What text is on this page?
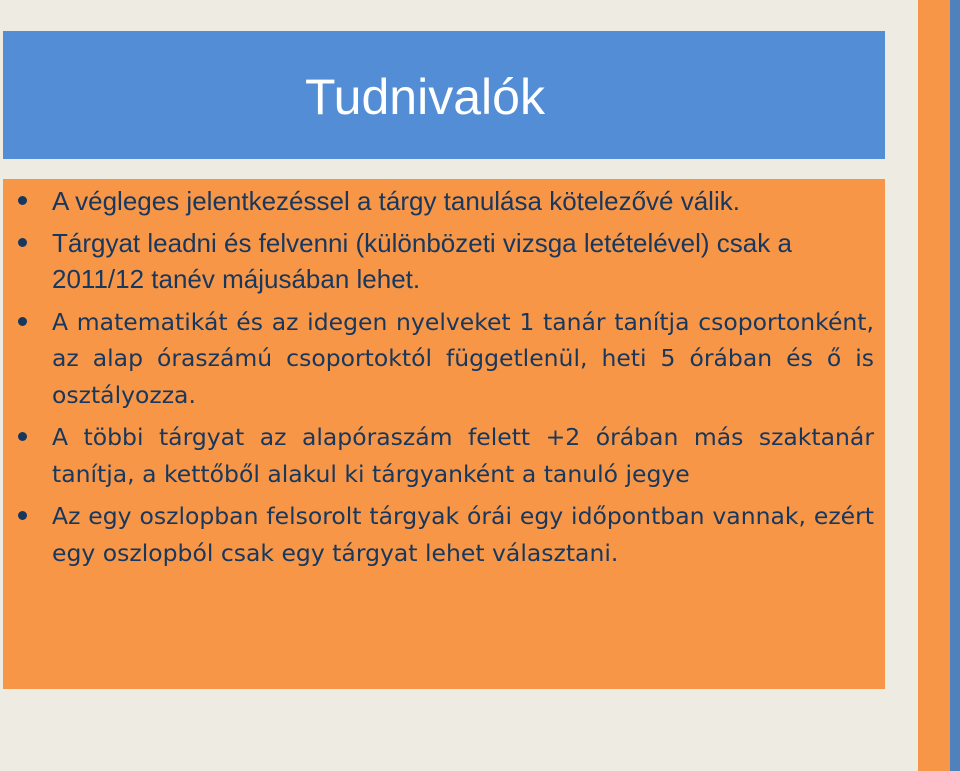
Tudnivalók
A végleges jelentkezéssel a tárgy tanulása kötelezővé válik.
Tárgyat leadni és felvenni (különbözeti vizsga letételével) csak a 2011/12 tanév májusában lehet.
A matematikát és az idegen nyelveket 1 tanár tanítja csoportonként, az alap óraszámú csoportoktól függetlenül, heti 5 órában és ő is osztályozza.
A többi tárgyat az alapóraszám felett +2 órában más szaktanár tanítja, a kettőből alakul ki tárgyanként a tanuló jegye
Az egy oszlopban felsorolt tárgyak órái egy időpontban vannak, ezért egy oszlopból csak egy tárgyat lehet választani.
